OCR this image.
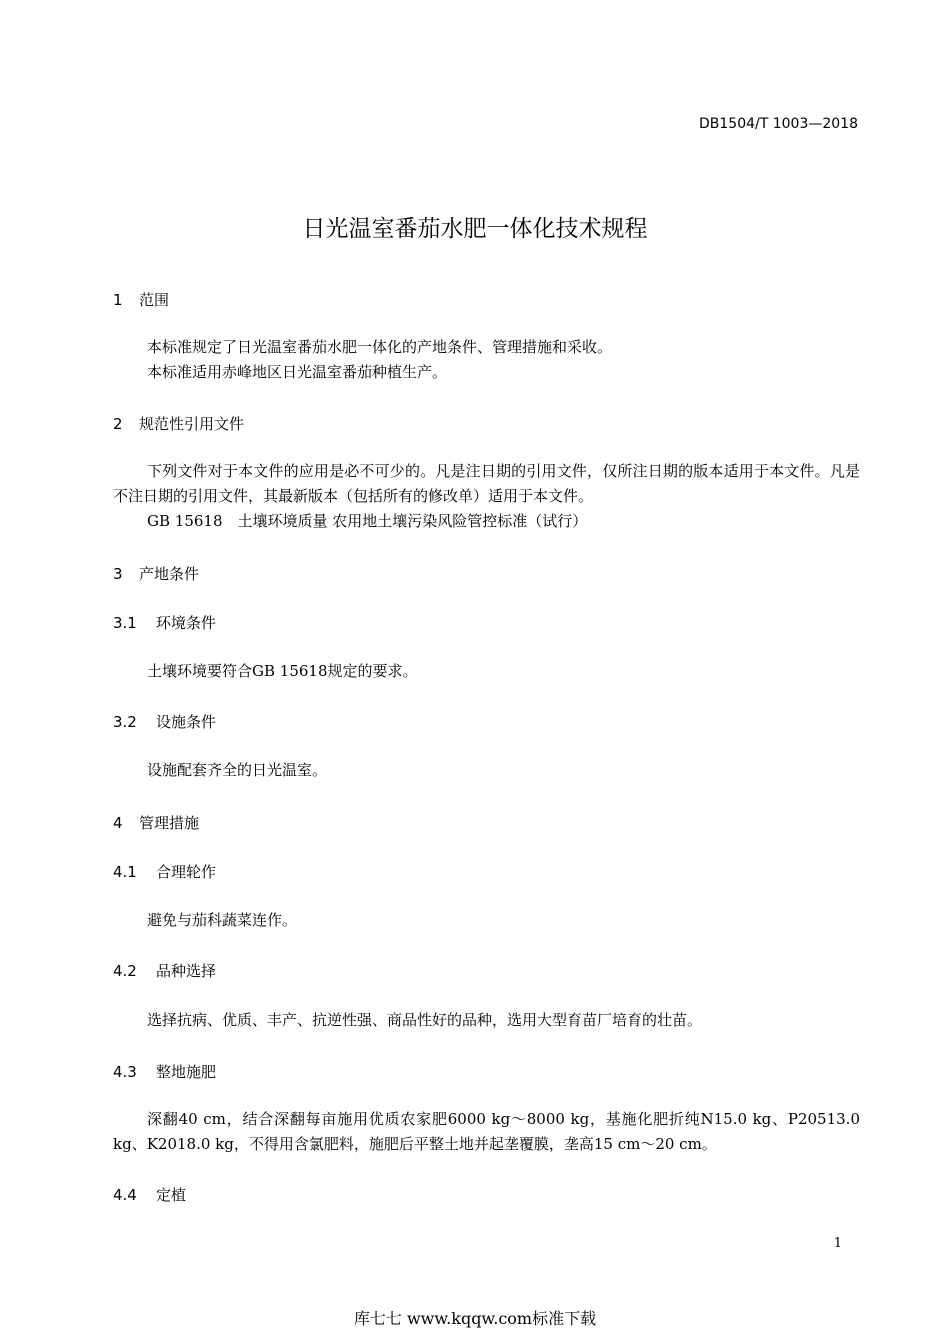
DB1504/T 1003—2018
日光温室番茄水肥一体化技术规程
1 范围
本标准规定了日光温室番茄水肥一体化的产地条件、管理措施和采收。
本标准适用赤峰地区日光温室番茄种植生产。
2 规范性引用文件
下列文件对于本文件的应用是必不可少的。凡是注日期的引用文件，仅所注日期的版本适用于本文件。凡是不注日期的引用文件，其最新版本（包括所有的修改单）适用于本文件。
GB 15618　土壤环境质量 农用地土壤污染风险管控标准（试行）
3 产地条件
3.1 环境条件
土壤环境要符合GB 15618规定的要求。
3.2 设施条件
设施配套齐全的日光温室。
4 管理措施
4.1 合理轮作
避免与茄科蔬菜连作。
4.2 品种选择
选择抗病、优质、丰产、抗逆性强、商品性好的品种，选用大型育苗厂培育的壮苗。
4.3 整地施肥
深翻40 cm，结合深翻每亩施用优质农家肥6000 kg～8000 kg，基施化肥折纯N15.0 kg、P20513.0 kg、K2018.0 kg，不得用含氯肥料，施肥后平整土地并起垄覆膜，垄高15 cm～20 cm。
4.4 定植
1
库七七 www.kqqw.com标准下载
